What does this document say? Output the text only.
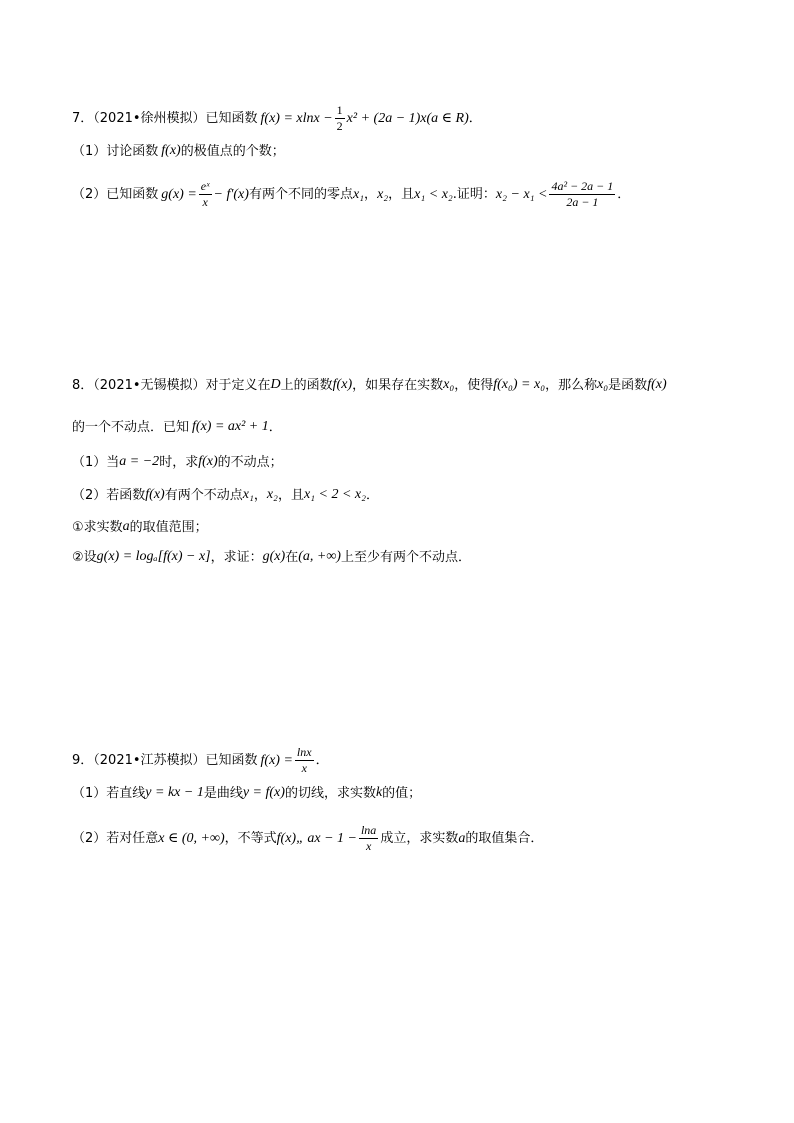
7．（2021•徐州模拟）已知函数 $f(x) = xlnx - \frac{1}{2} x^2 + (2a - 1)x(a$ ∈ R) ．
（1）讨论函数 f(x) 的极值点的个数；
（2）已知函数 $g(x) = \frac{\text{eˣ}}{x} - f'(x)$ 有两个不同的零点 x₁ ， x₂ ，且 x₁ < x₂ .证明： $x_2 - x_1 < \frac{\text{4a² − 2a − 1}}{2a - 1}$ ．
8．（2021•无锡模拟）对于定义在 D 上的函数 f(x) ，如果存在实数 x₀ ，使得 f(x₀) = x₀ ，那么称 x₀ 是函数 f(x)
的一个不动点．已知 f(x) = ax² + 1 ．
（1）当 a = −2 时，求 f(x) 的不动点；
（2）若函数 f(x) 有两个不动点 x₁ ， x₂ ，且 x₁ < 2 < x₂ ．
①求实数 a 的取值范围；
②设 g(x) = logₐ[f(x) − x] ，求证： g(x) 在 (a, +∞) 上至少有两个不动点．
9．（2021•江苏模拟）已知函数 $f(x) = \frac{\ln x}{x}$ ．
（1）若直线 y = kx − 1 是曲线 y = f(x) 的切线，求实数 k 的值；
（2）若对任意 x ∈ (0, +∞) ，不等式 f(x)„ ax − $1 - \frac{\ln a}{x}$ 成立，求实数 a 的取值集合．
